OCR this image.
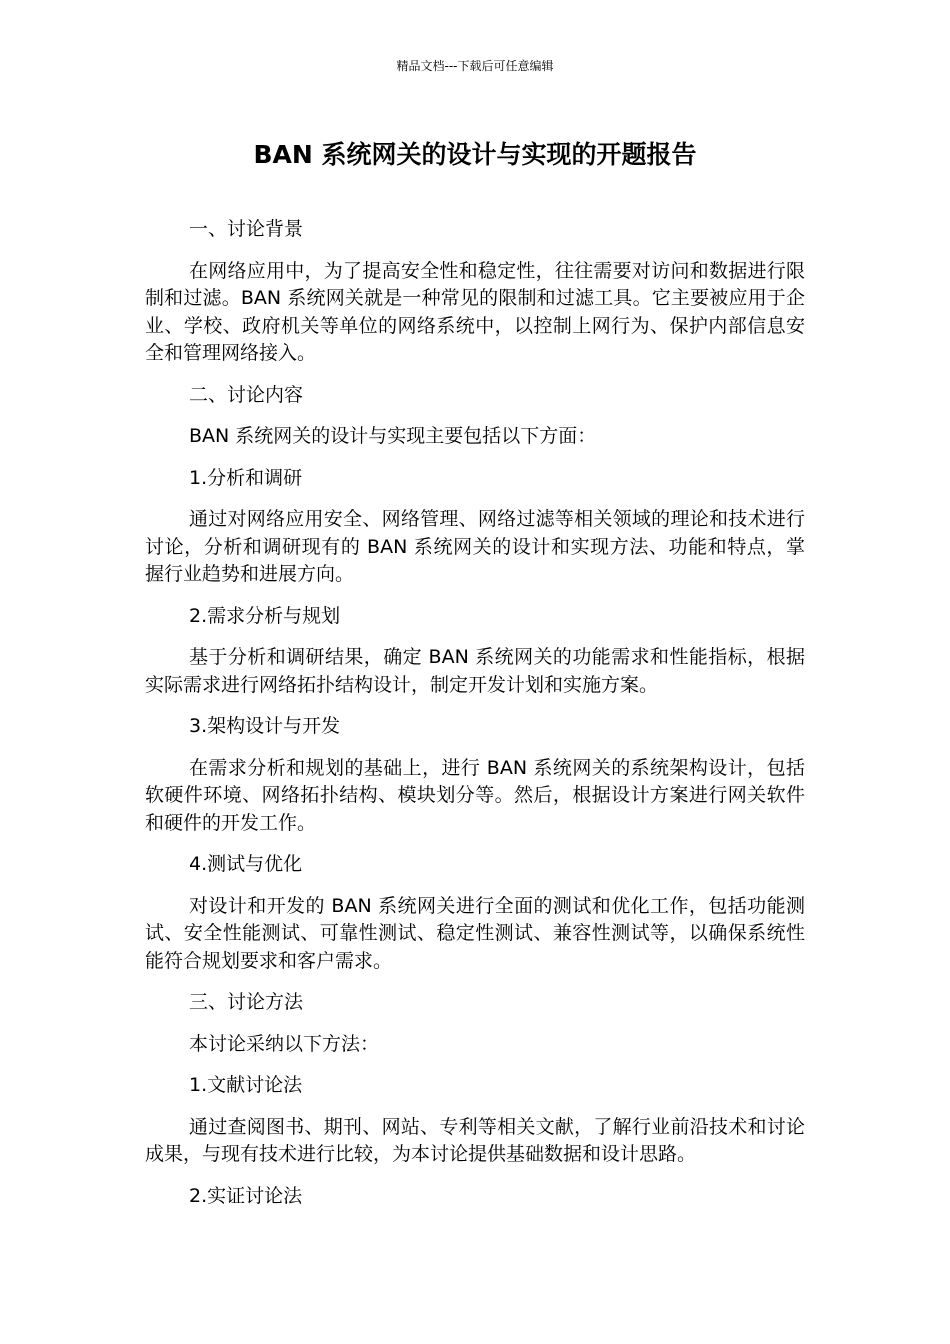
精品文档---下载后可任意编辑
BAN 系统网关的设计与实现的开题报告

一、讨论背景

在网络应用中，为了提高安全性和稳定性，往往需要对访问和数据进行限制和过滤。BAN 系统网关就是一种常见的限制和过滤工具。它主要被应用于企业、学校、政府机关等单位的网络系统中，以控制上网行为、保护内部信息安全和管理网络接入。

二、讨论内容

BAN 系统网关的设计与实现主要包括以下方面：

1.分析和调研

通过对网络应用安全、网络管理、网络过滤等相关领域的理论和技术进行讨论，分析和调研现有的 BAN 系统网关的设计和实现方法、功能和特点，掌握行业趋势和进展方向。

2.需求分析与规划

基于分析和调研结果，确定 BAN 系统网关的功能需求和性能指标，根据实际需求进行网络拓扑结构设计，制定开发计划和实施方案。

3.架构设计与开发

在需求分析和规划的基础上，进行 BAN 系统网关的系统架构设计，包括软硬件环境、网络拓扑结构、模块划分等。然后，根据设计方案进行网关软件和硬件的开发工作。

4.测试与优化

对设计和开发的 BAN 系统网关进行全面的测试和优化工作，包括功能测试、安全性能测试、可靠性测试、稳定性测试、兼容性测试等，以确保系统性能符合规划要求和客户需求。

三、讨论方法

本讨论采纳以下方法：

1.文献讨论法

通过查阅图书、期刊、网站、专利等相关文献，了解行业前沿技术和讨论成果，与现有技术进行比较，为本讨论提供基础数据和设计思路。

2.实证讨论法
